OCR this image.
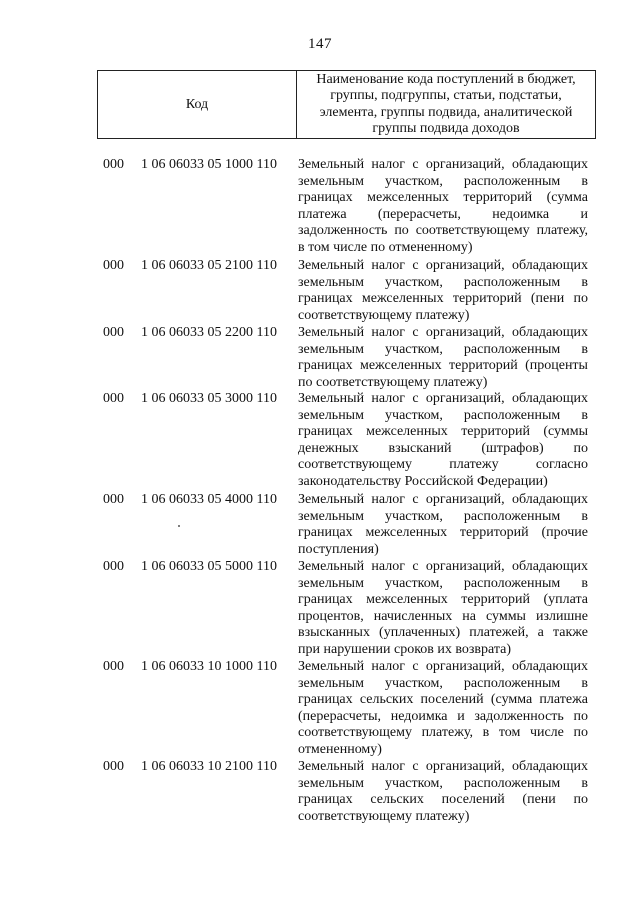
147
Код
Наименование кода поступлений в бюджет,
группы, подгруппы, статьи, подстатьи,
элемента, группы подвида, аналитической
группы подвида доходов
000 1 06 06033 05 1000 110 Земельный налог с организаций, обладающих
земельным участком, расположенным в
границах межселенных территорий (сумма
платежа (перерасчеты, недоимка и
задолженность по соответствующему платежу,
в том числе по отмененному)
000 1 06 06033 05 2100 110 Земельный налог с организаций, обладающих
земельным участком, расположенным в
границах межселенных территорий (пени по
соответствующему платежу)
000 1 06 06033 05 2200 110 Земельный налог с организаций, обладающих
земельным участком, расположенным в
границах межселенных территорий (проценты
по соответствующему платежу)
000 1 06 06033 05 3000 110 Земельный налог с организаций, обладающих
земельным участком, расположенным в
границах межселенных территорий (суммы
денежных взысканий (штрафов) по
соответствующему	платежу	согласно
законодательству Российской Федерации)
000 1 06 06033 05 4000 110 Земельный налог с организаций, обладающих
земельным участком, расположенным в
границах межселенных территорий (прочие
поступления)
000 1 06 06033 05 5000 110 Земельный налог с организаций, обладающих
земельным участком, расположенным в
границах межселенных территорий (уплата
процентов, начисленных на суммы излишне
взысканных (уплаченных) платежей, а также
при нарушении сроков их возврата)
000 1 06 06033 10 1000 110 Земельный налог с организаций, обладающих
земельным участком, расположенным в
границах сельских поселений (сумма платежа
(перерасчеты, недоимка и задолженность по
соответствующему платежу, в том числе по
отмененному)
000 1 06 06033 10 2100 110 Земельный налог с организаций, обладающих
земельным участком, расположенным в
границах сельских поселений (пени по
соответствующему платежу)
